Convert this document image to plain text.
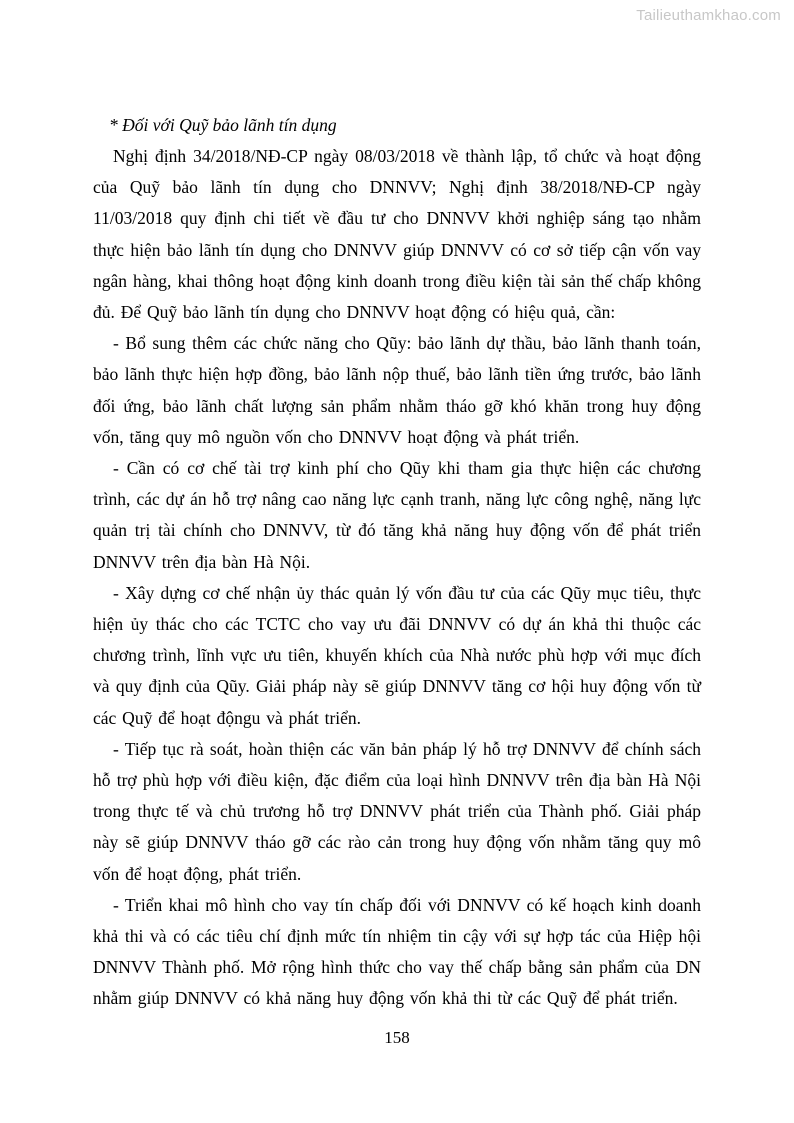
Tailieuthamkhao.com

* Đối với Quỹ bảo lãnh tín dụng

Nghị định 34/2018/NĐ-CP ngày 08/03/2018 về thành lập, tổ chức và hoạt động của Quỹ bảo lãnh tín dụng cho DNNVV; Nghị định 38/2018/NĐ-CP ngày 11/03/2018 quy định chi tiết về đầu tư cho DNNVV khởi nghiệp sáng tạo nhằm thực hiện bảo lãnh tín dụng cho DNNVV giúp DNNVV có cơ sở tiếp cận vốn vay ngân hàng, khai thông hoạt động kinh doanh trong điều kiện tài sản thế chấp không đủ. Để Quỹ bảo lãnh tín dụng cho DNNVV hoạt động có hiệu quả, cần:

- Bổ sung thêm các chức năng cho Qũy: bảo lãnh dự thầu, bảo lãnh thanh toán, bảo lãnh thực hiện hợp đồng, bảo lãnh nộp thuế, bảo lãnh tiền ứng trước, bảo lãnh đối ứng, bảo lãnh chất lượng sản phẩm nhằm tháo gỡ khó khăn trong huy động vốn, tăng quy mô nguồn vốn cho DNNVV hoạt động và phát triển.

- Cần có cơ chế tài trợ kinh phí cho Qũy khi tham gia thực hiện các chương trình, các dự án hỗ trợ nâng cao năng lực cạnh tranh, năng lực công nghệ, năng lực quản trị tài chính cho DNNVV, từ đó tăng khả năng huy động vốn để phát triển DNNVV trên địa bàn Hà Nội.

- Xây dựng cơ chế nhận ủy thác quản lý vốn đầu tư của các Qũy mục tiêu, thực hiện ủy thác cho các TCTC cho vay ưu đãi DNNVV có dự án khả thi thuộc các chương trình, lĩnh vực ưu tiên, khuyến khích của Nhà nước phù hợp với mục đích và quy định của Qũy. Giải pháp này sẽ giúp DNNVV tăng cơ hội huy động vốn từ các Quỹ để hoạt độngu và phát triển.

- Tiếp tục rà soát, hoàn thiện các văn bản pháp lý hỗ trợ DNNVV để chính sách hỗ trợ phù hợp với điều kiện, đặc điểm của loại hình DNNVV trên địa bàn Hà Nội trong thực tế và chủ trương hỗ trợ DNNVV phát triển của Thành phố. Giải pháp này sẽ giúp DNNVV tháo gỡ các rào cản trong huy động vốn nhằm tăng quy mô vốn để hoạt động, phát triển.

- Triển khai mô hình cho vay tín chấp đối với DNNVV có kế hoạch kinh doanh khả thi và có các tiêu chí định mức tín nhiệm tin cậy với sự hợp tác của Hiệp hội DNNVV Thành phố. Mở rộng hình thức cho vay thế chấp bằng sản phẩm của DN nhằm giúp DNNVV có khả năng huy động vốn khả thi từ các Quỹ để phát triển.

158
